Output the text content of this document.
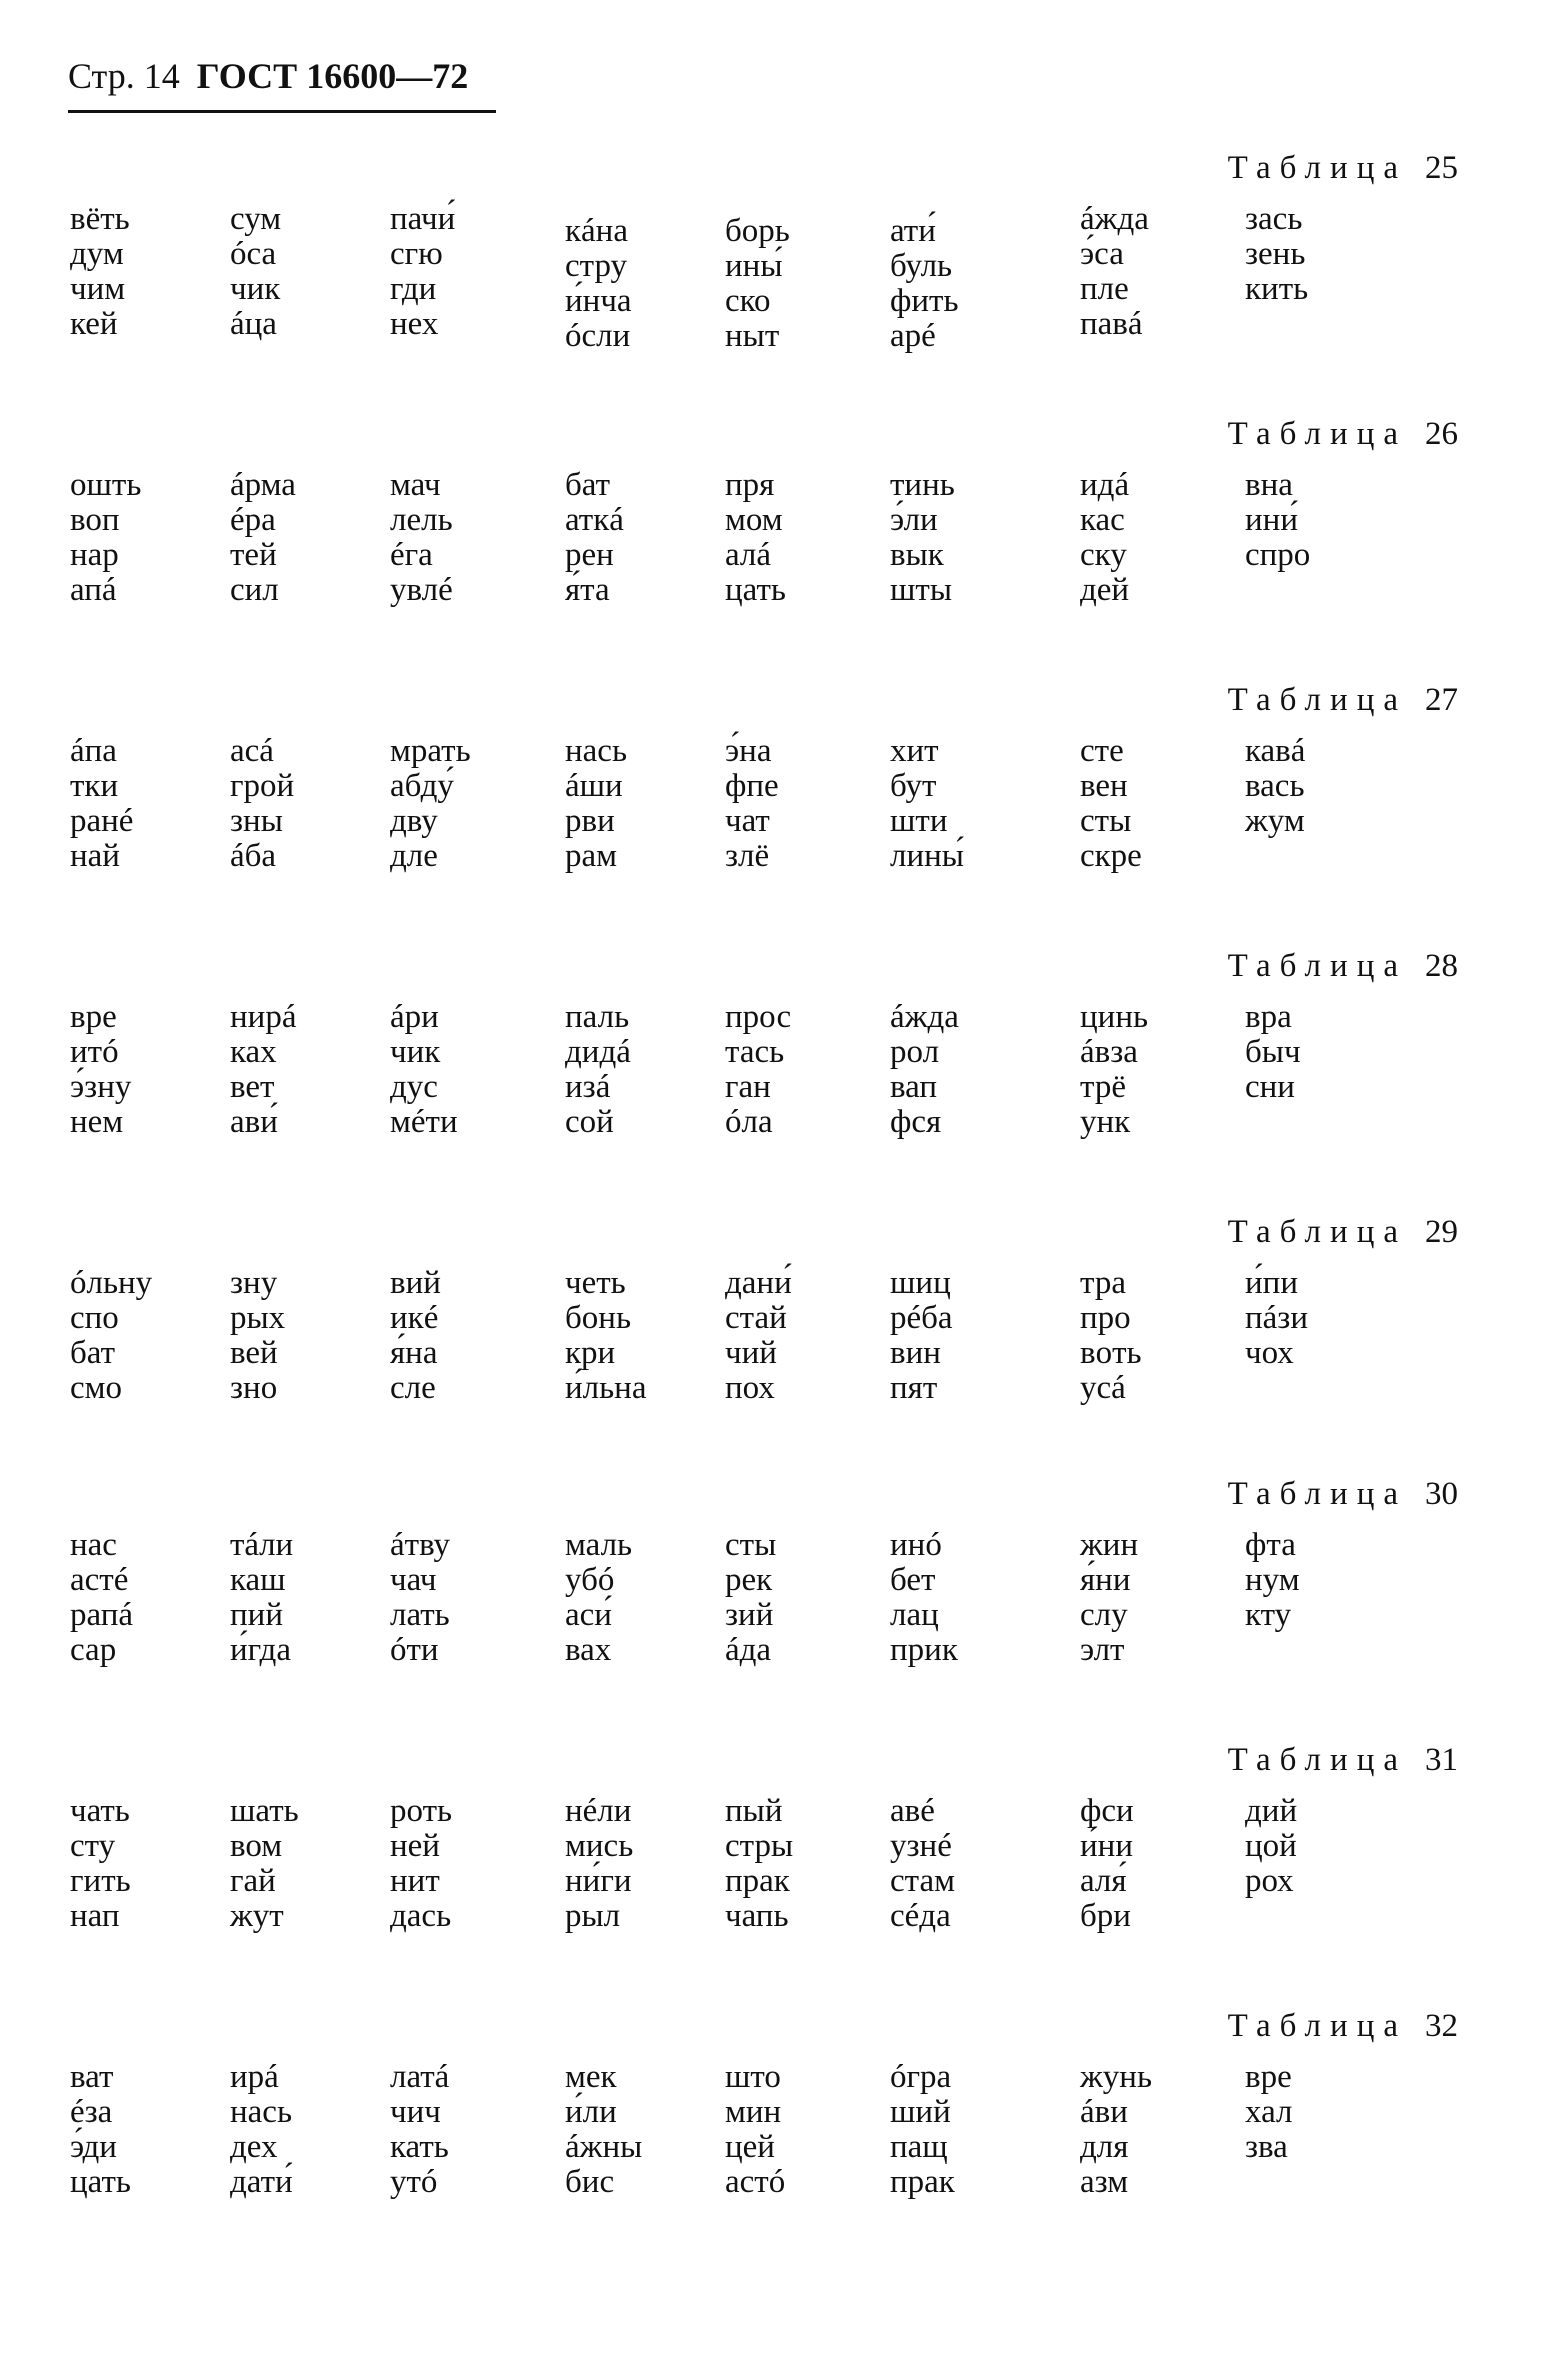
Стр. 14 ГОСТ 16600—72
Таблица 25
вёть
дум
чим
кей
сум
óса
чик
áца
пачи́
сгю
гди
нех
кáна
стру
и́нча
óсли
борь
ины́
ско
ныт
ати́
буль
фить
арé
áжда
э́са
пле
павá
зась
зень
кить
Таблица 26
ошть
воп
нар
апá
áрма
éра
тей
сил
мач
лель
éга
увлé
бат
аткá
рен
я́та
пря
мом
алá
цать
тинь
э́ли
вык
шты
идá
кас
ску
дей
вна
ини́
спро
Таблица 27
áпа
тки
ранé
най
асá
грой
зны
áба
мрать
абду́
дву
дле
нась
áши
рви
рам
э́на
фпе
чат
злё
хит
бут
шти
лины́
сте
вен
сты
скре
кавá
вась
жум
Таблица 28
вре
итó
э́зну
нем
нирá
ках
вет
ави́
áри
чик
дус
мéти
паль
дидá
изá
сой
прос
тась
ган
óла
áжда
рол
вап
фся
цинь
áвза
трё
унк
вра
быч
сни
Таблица 29
óльну
спо
бат
смо
зну
рых
вей
зно
вий
икé
я́на
сле
четь
бонь
кри
и́льна
дани́
стай
чий
пох
шиц
рéба
вин
пят
тра
про
вoть
усá
и́пи
пáзи
чох
Таблица 30
нас
астé
рапá
сар
тáли
каш
пий
и́гда
áтву
чач
лать
óти
маль
убó
аси́
вах
сты
рек
зий
áда
инó
бет
лац
прик
жин
я́ни
слу
элт
фта
нум
кту
Таблица 31
чать
сту
гить
нап
шать
вом
гай
жут
роть
ней
нит
дась
нéли
мись
ни́ги
рыл
пый
стры
прак
чапь
авé
узнé
стам
сéда
фси
и́ни
аля́
бри
дий
цой
рох
Таблица 32
ват
éза
э́ди
цать
ирá
нась
дех
дати́
латá
чич
кать
утó
мек
и́ли
áжны
бис
што
мин
цей
астó
óгра
ший
пащ
прак
жунь
áви
для
азм
вре
хал
зва
